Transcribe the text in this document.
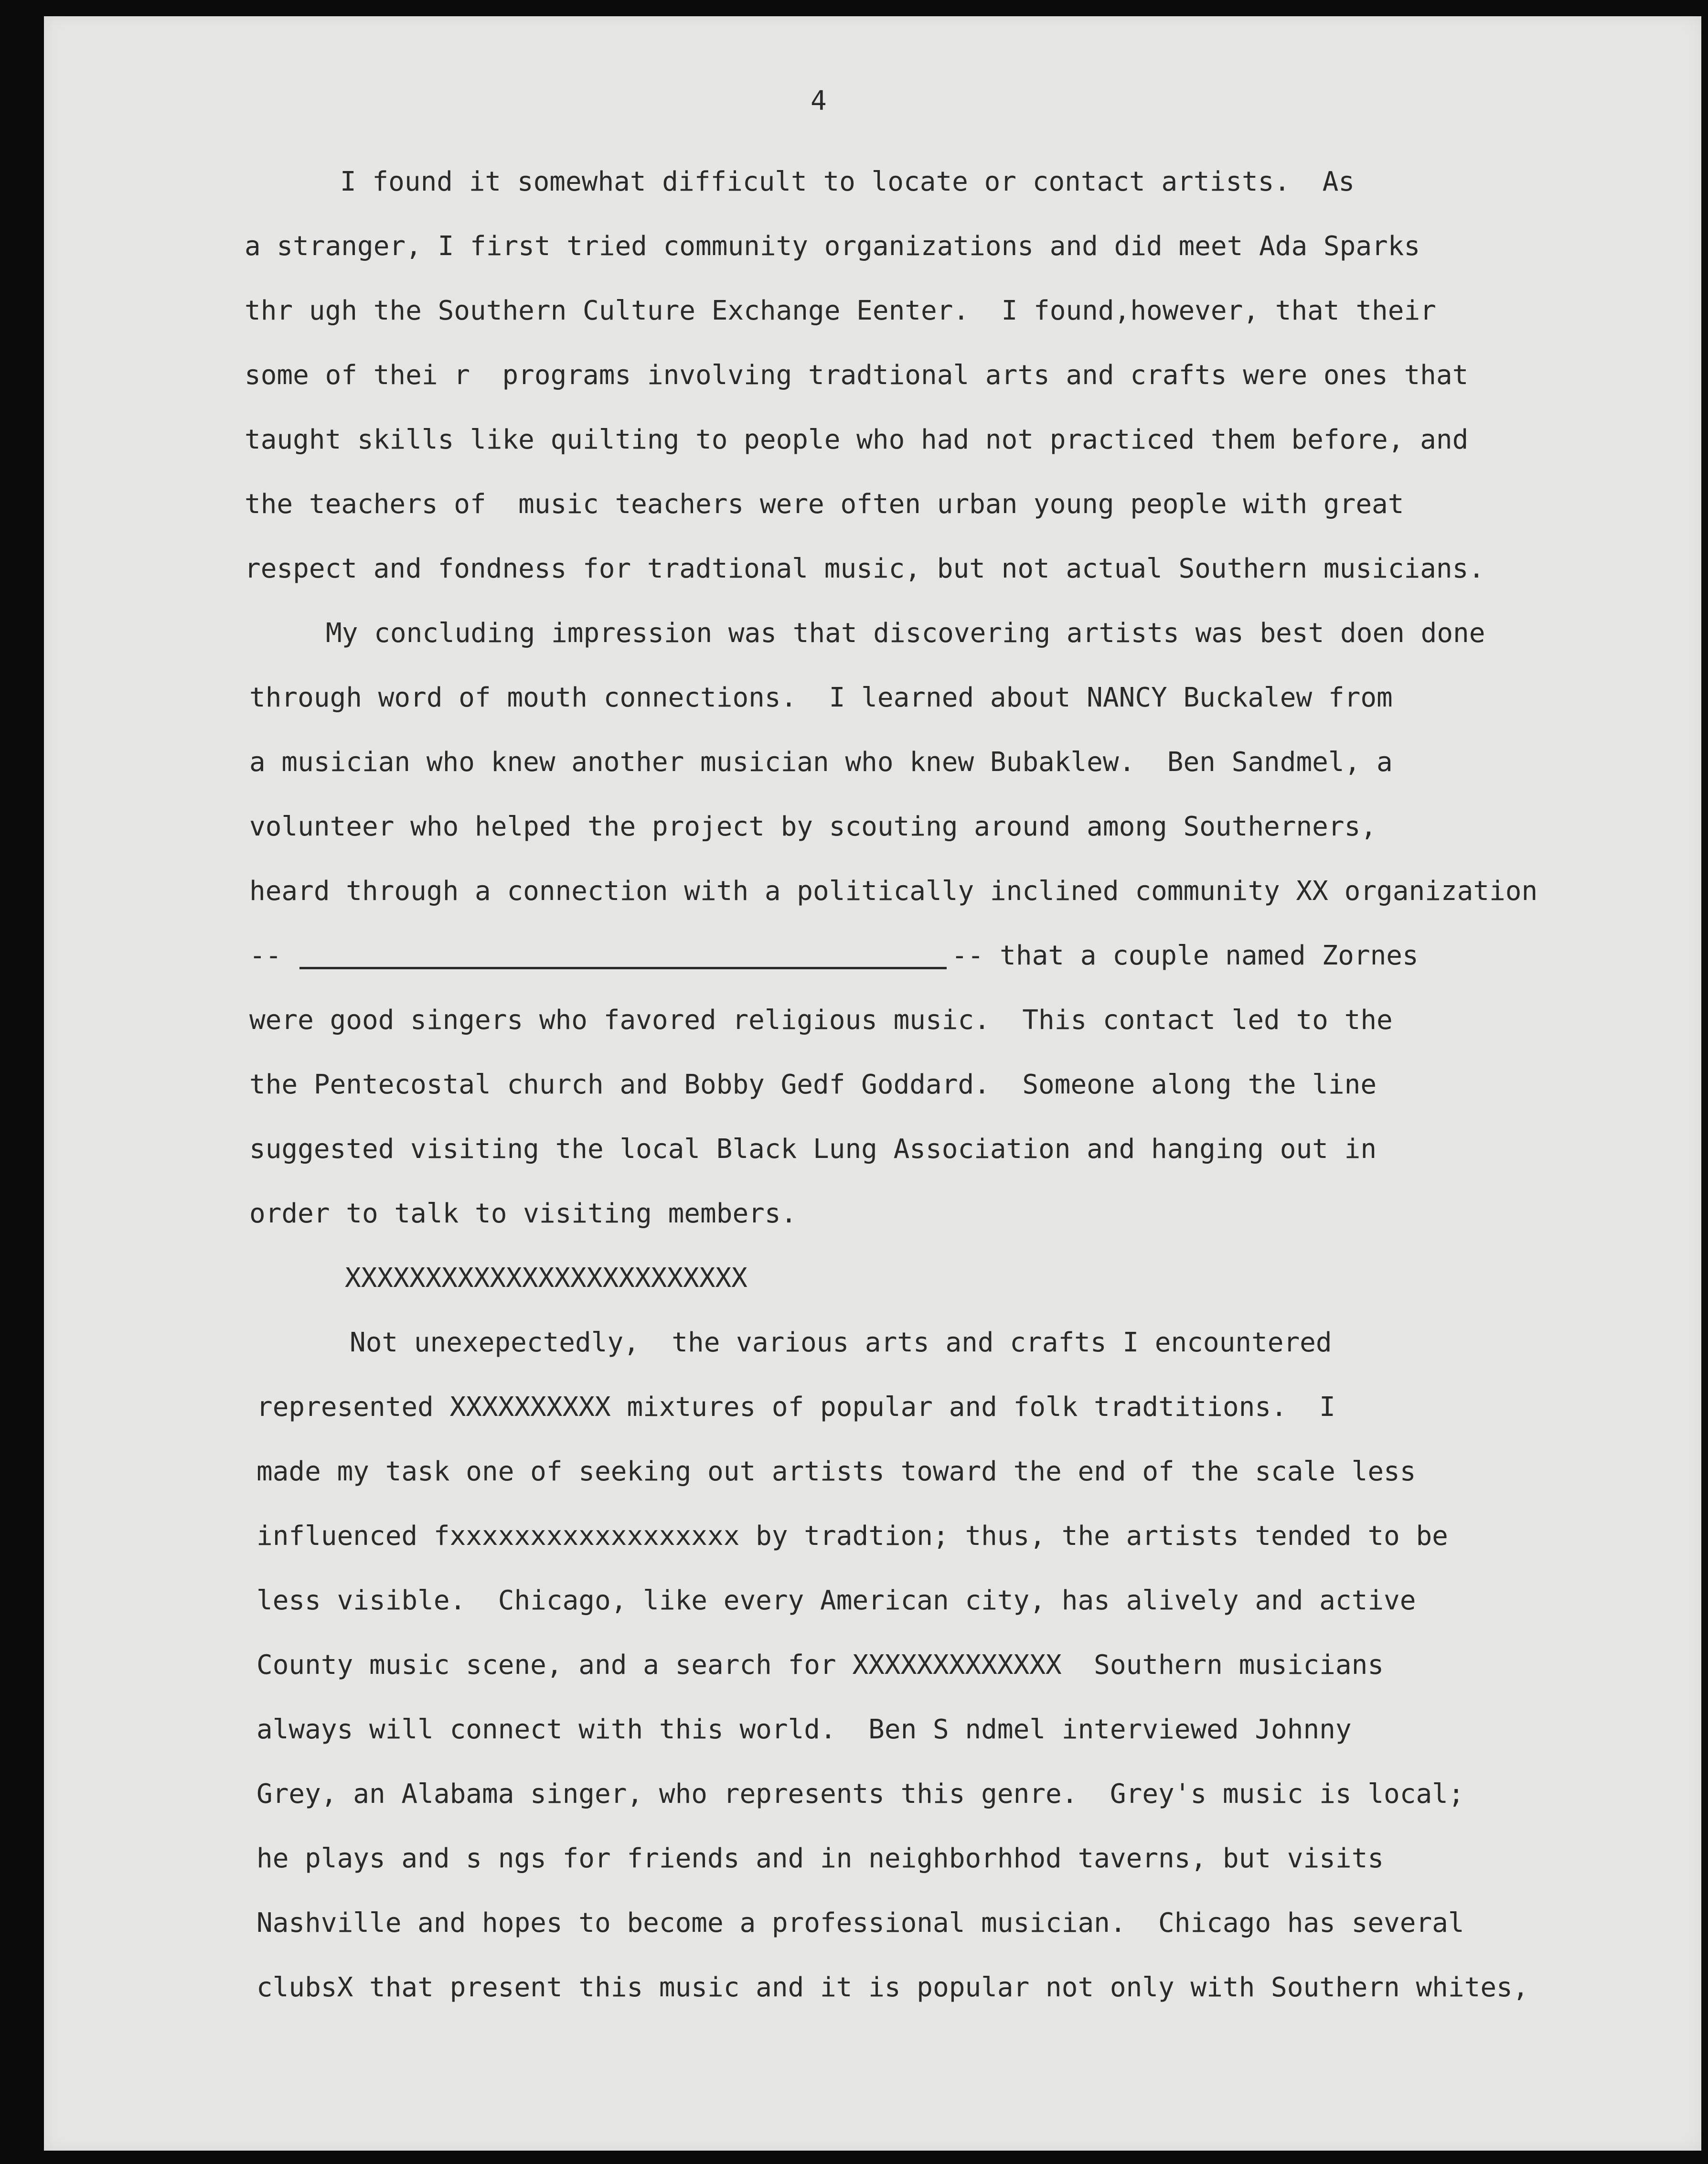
4
I found it somewhat difficult to locate or contact artists.  As
a stranger, I first tried community organizations and did meet Ada Sparks
thr ugh the Southern Culture Exchange Eenter.  I found,however, that their
some of thei r  programs involving tradtional arts and crafts were ones that
taught skills like quilting to people who had not practiced them before, and
the teachers of  music teachers were often urban young people with great
respect and fondness for tradtional music, but not actual Southern musicians.
My concluding impression was that discovering artists was best doen done
through word of mouth connections.  I learned about NANCY Buckalew from
a musician who knew another musician who knew Bubaklew.  Ben Sandmel, a
volunteer who helped the project by scouting around among Southerners,
heard through a connection with a politically inclined community XX organization
--	-- that a couple named Zornes
were good singers who favored religious music.  This contact led to the
the Pentecostal church and Bobby Gedf Goddard.  Someone along the line
suggested visiting the local Black Lung Association and hanging out in
order to talk to visiting members.
XXXXXXXXXXXXXXXXXXXXXXXXX
Not unexepectedly,  the various arts and crafts I encountered
represented XXXXXXXXXX mixtures of popular and folk tradtitions.  I
made my task one of seeking out artists toward the end of the scale less
influenced fxxxxxxxxxxxxxxxxxx by tradtion; thus, the artists tended to be
less visible.  Chicago, like every American city, has alively and active
County music scene, and a search for XXXXXXXXXXXXX  Southern musicians
always will connect with this world.  Ben S ndmel interviewed Johnny
Grey, an Alabama singer, who represents this genre.  Grey's music is local;
he plays and s ngs for friends and in neighborhhod taverns, but visits
Nashville and hopes to become a professional musician.  Chicago has several
clubsX that present this music and it is popular not only with Southern whites,
